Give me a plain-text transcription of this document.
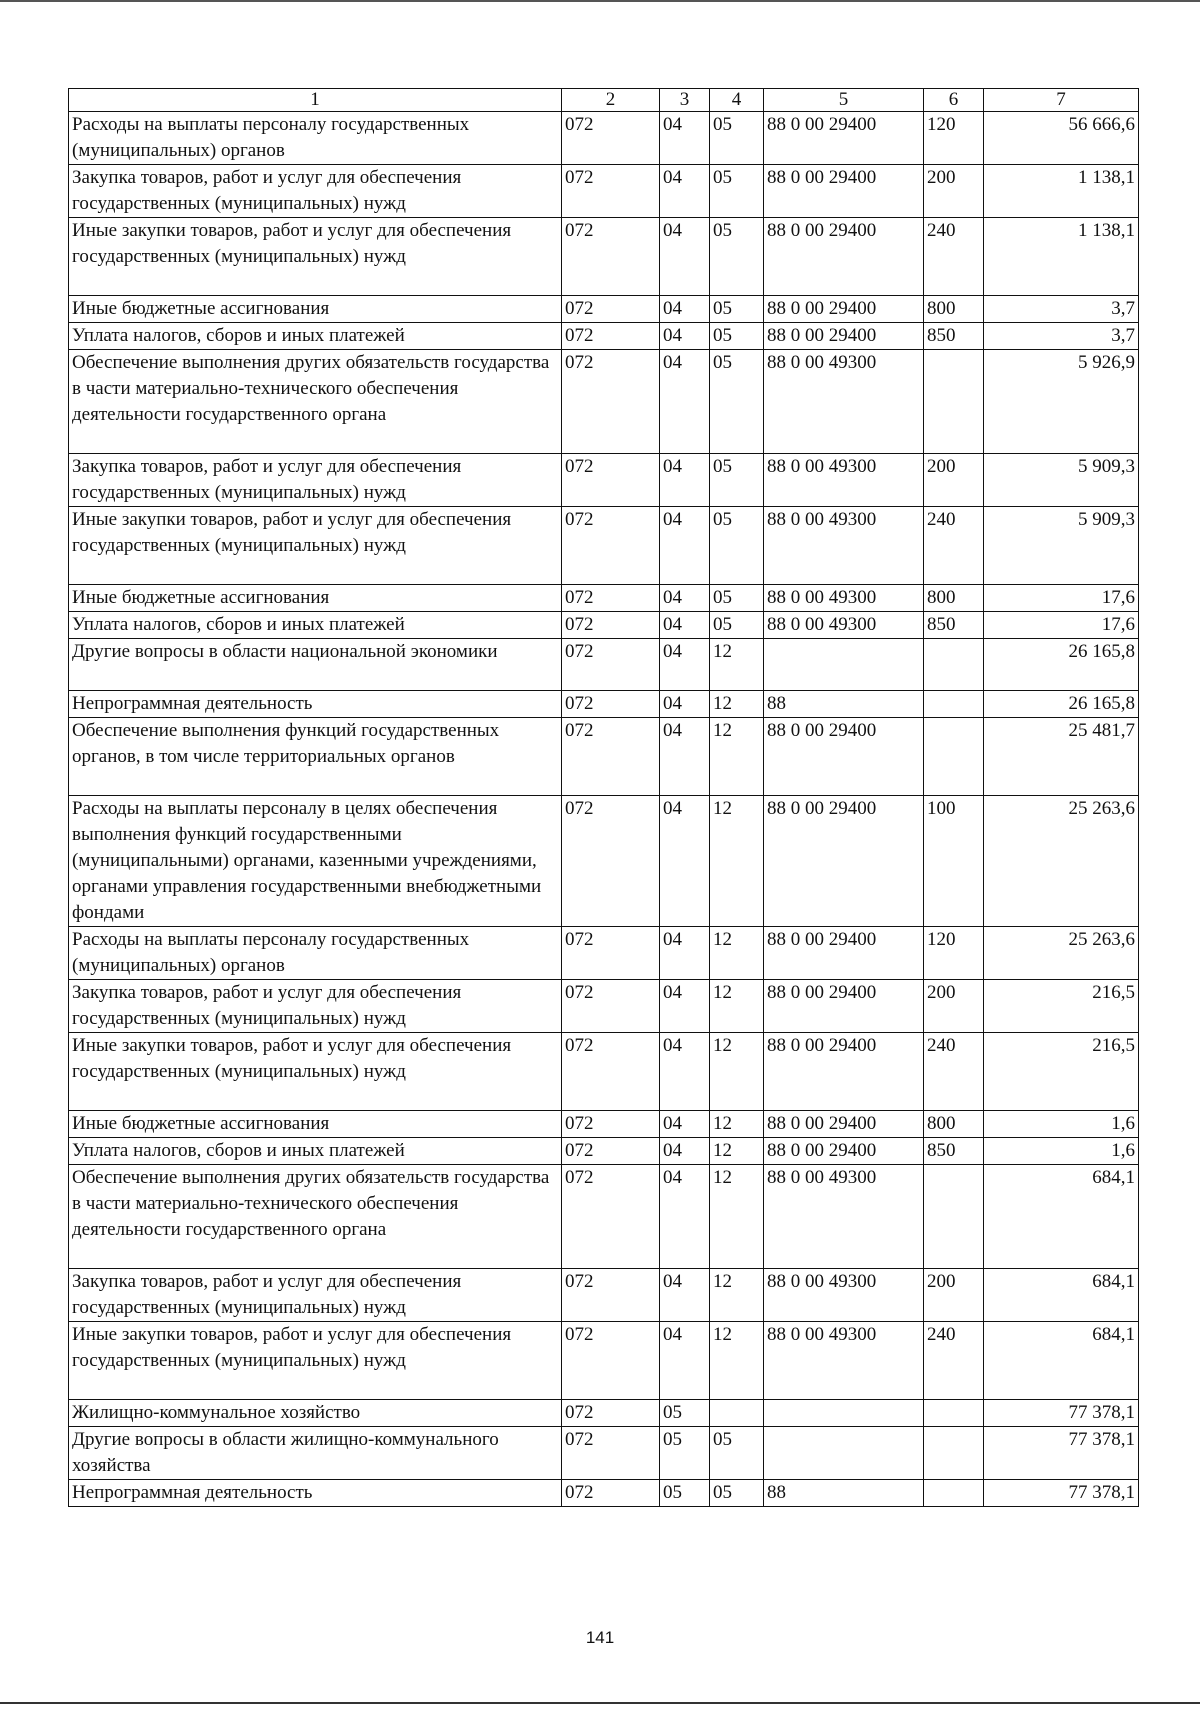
1	2	3	4	5	6	7
Расходы на выплаты персоналу государственных (муниципальных) органов	072	04	05	88 0 00 29400	120	56 666,6
Закупка товаров, работ и услуг для обеспечения государственных (муниципальных) нужд	072	04	05	88 0 00 29400	200	1 138,1
Иные закупки товаров, работ и услуг для обеспечения государственных (муниципальных) нужд	072	04	05	88 0 00 29400	240	1 138,1
Иные бюджетные ассигнования	072	04	05	88 0 00 29400	800	3,7
Уплата налогов, сборов и иных платежей	072	04	05	88 0 00 29400	850	3,7
Обеспечение выполнения других обязательств государства в части материально-технического обеспечения деятельности государственного органа	072	04	05	88 0 00 49300		5 926,9
Закупка товаров, работ и услуг для обеспечения государственных (муниципальных) нужд	072	04	05	88 0 00 49300	200	5 909,3
Иные закупки товаров, работ и услуг для обеспечения государственных (муниципальных) нужд	072	04	05	88 0 00 49300	240	5 909,3
Иные бюджетные ассигнования	072	04	05	88 0 00 49300	800	17,6
Уплата налогов, сборов и иных платежей	072	04	05	88 0 00 49300	850	17,6
Другие вопросы в области национальной экономики	072	04	12			26 165,8
Непрограммная деятельность	072	04	12	88		26 165,8
Обеспечение выполнения функций государственных органов, в том числе территориальных органов	072	04	12	88 0 00 29400		25 481,7
Расходы на выплаты персоналу в целях обеспечения выполнения функций государственными (муниципальными) органами, казенными учреждениями, органами управления государственными внебюджетными фондами	072	04	12	88 0 00 29400	100	25 263,6
Расходы на выплаты персоналу государственных (муниципальных) органов	072	04	12	88 0 00 29400	120	25 263,6
Закупка товаров, работ и услуг для обеспечения государственных (муниципальных) нужд	072	04	12	88 0 00 29400	200	216,5
Иные закупки товаров, работ и услуг для обеспечения государственных (муниципальных) нужд	072	04	12	88 0 00 29400	240	216,5
Иные бюджетные ассигнования	072	04	12	88 0 00 29400	800	1,6
Уплата налогов, сборов и иных платежей	072	04	12	88 0 00 29400	850	1,6
Обеспечение выполнения других обязательств государства в части материально-технического обеспечения деятельности государственного органа	072	04	12	88 0 00 49300		684,1
Закупка товаров, работ и услуг для обеспечения государственных (муниципальных) нужд	072	04	12	88 0 00 49300	200	684,1
Иные закупки товаров, работ и услуг для обеспечения государственных (муниципальных) нужд	072	04	12	88 0 00 49300	240	684,1
Жилищно-коммунальное хозяйство	072	05				77 378,1
Другие вопросы в области жилищно-коммунального хозяйства	072	05	05			77 378,1
Непрограммная деятельность	072	05	05	88		77 378,1
141
